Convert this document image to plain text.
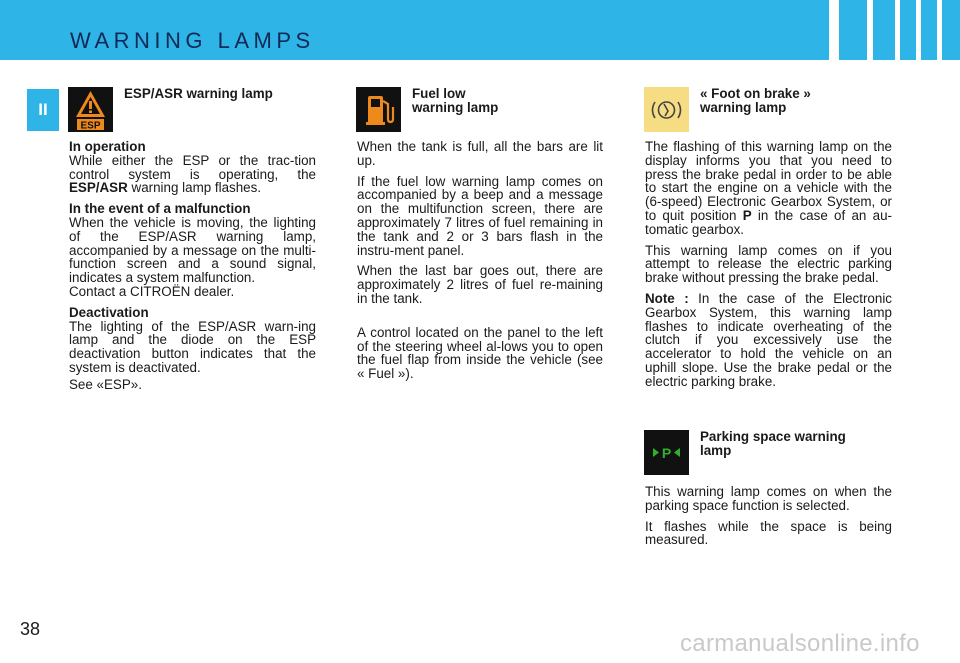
WARNING LAMPS
II
ESP
ESP/ASR warning lamp

In operation

While either the ESP or the trac-tion control system is operating, the ESP/ASR warning lamp flashes.

In the event of a malfunction

When the vehicle is moving, the lighting of the ESP/ASR warning lamp, accompanied by a message on the multi-function screen and a sound signal, indicates a system malfunction.

Contact a CITROËN dealer.

Deactivation

The lighting of the ESP/ASR warn-ing lamp and the diode on the ESP deactivation button indicates that the system is deactivated.

See «ESP».

Fuel low
warning lamp

When the tank is full, all the bars are lit up.

If the fuel low warning lamp comes on accompanied by a beep and a message on the multifunction screen, there are approximately 7 litres of fuel remaining in the tank and 2 or 3 bars flash in the instru-ment panel.

When the last bar goes out, there are approximately 2 litres of fuel re-maining in the tank.

A control located on the panel to the left of the steering wheel al-lows you to open the fuel flap from inside the vehicle (see « Fuel »).

« Foot on brake »
warning lamp

The flashing of this warning lamp on the display informs you that you need to press the brake pedal in order to be able to start the engine on a vehicle with the (6-speed) Electronic Gearbox System, or to quit position P in the case of an au-tomatic gearbox.

This warning lamp comes on if you attempt to release the electric parking brake without pressing the brake pedal.

Note : In the case of the Electronic Gearbox System, this warning lamp flashes to indicate overheating of the clutch if you excessively use the accelerator to hold the vehicle on an uphill slope. Use the brake pedal or the electric parking brake.

P
Parking space warning
lamp

This warning lamp comes on when the parking space function is selected.

It flashes while the space is being measured.

38
carmanualsonline.info
